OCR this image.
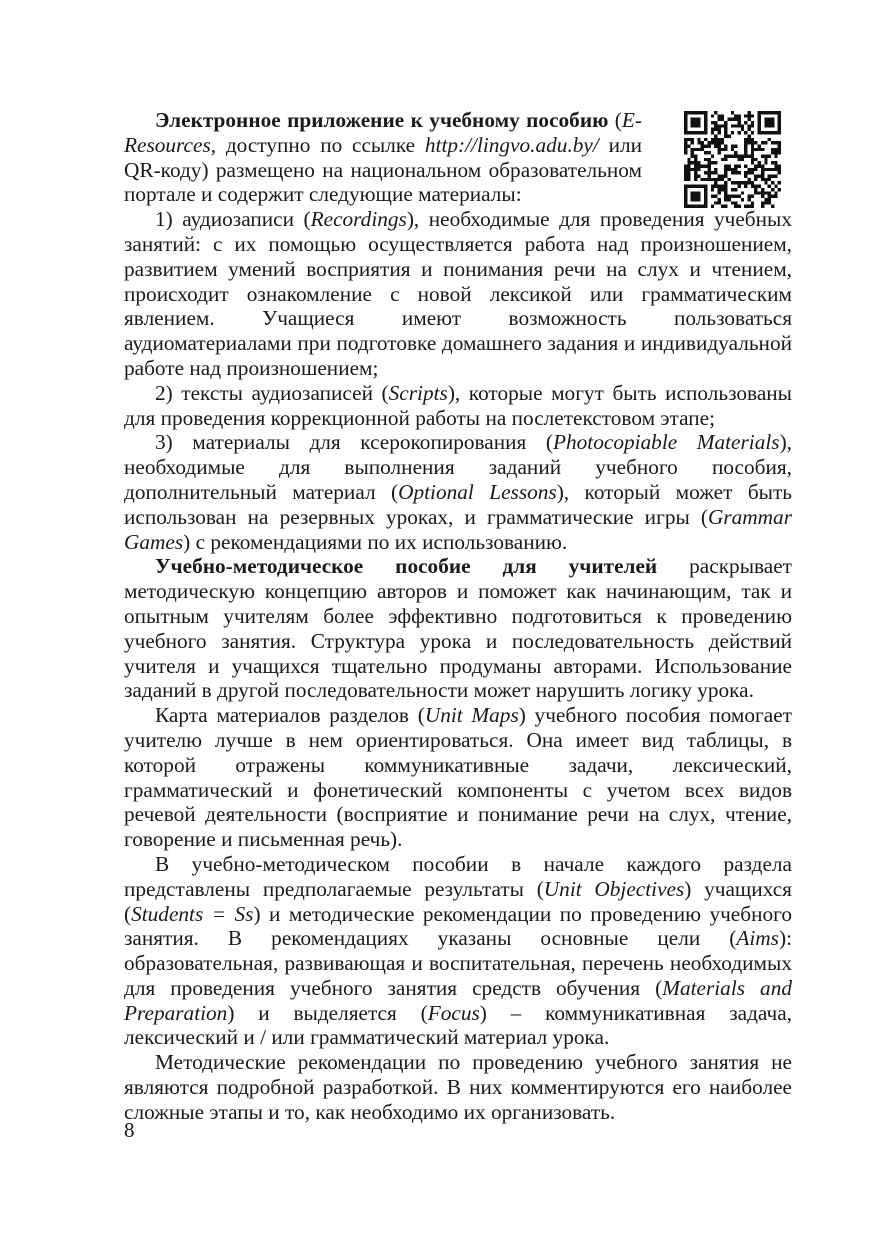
Электронное приложение к учебному пособию (E-Resources, доступно по ссылке http://lingvo.adu.by/ или QR-коду) размещено на национальном образовательном портале и содержит следующие материалы:

1) аудиозаписи (Recordings), необходимые для проведения учебных занятий: с их помощью осуществляется работа над произношением, развитием умений восприятия и понимания речи на слух и чтением, происходит ознакомление с новой лексикой или грамматическим явлением. Учащиеся имеют возможность пользоваться аудиоматериалами при подготовке домашнего задания и индивидуальной работе над произношением;

2) тексты аудиозаписей (Scripts), которые могут быть использованы для проведения коррекционной работы на послетекстовом этапе;

3) материалы для ксерокопирования (Photocopiable Materials), необходимые для выполнения заданий учебного пособия, дополнительный материал (Optional Lessons), который может быть использован на резервных уроках, и грамматические игры (Grammar Games) с рекомендациями по их использованию.

Учебно-методическое пособие для учителей раскрывает методическую концепцию авторов и поможет как начинающим, так и опытным учителям более эффективно подготовиться к проведению учебного занятия. Структура урока и последовательность действий учителя и учащихся тщательно продуманы авторами. Использование заданий в другой последовательности может нарушить логику урока.

Карта материалов разделов (Unit Maps) учебного пособия помогает учителю лучше в нем ориентироваться. Она имеет вид таблицы, в которой отражены коммуникативные задачи, лексический, грамматический и фонетический компоненты с учетом всех видов речевой деятельности (восприятие и понимание речи на слух, чтение, говорение и письменная речь).

В учебно-методическом пособии в начале каждого раздела представлены предполагаемые результаты (Unit Objectives) учащихся (Students = Ss) и методические рекомендации по проведению учебного занятия. В рекомендациях указаны основные цели (Aims): образовательная, развивающая и воспитательная, перечень необходимых для проведения учебного занятия средств обучения (Materials and Preparation) и выделяется (Focus) – коммуникативная задача, лексический и / или грамматический материал урока.

Методические рекомендации по проведению учебного занятия не являются подробной разработкой. В них комментируются его наиболее сложные этапы и то, как необходимо их организовать.

8
